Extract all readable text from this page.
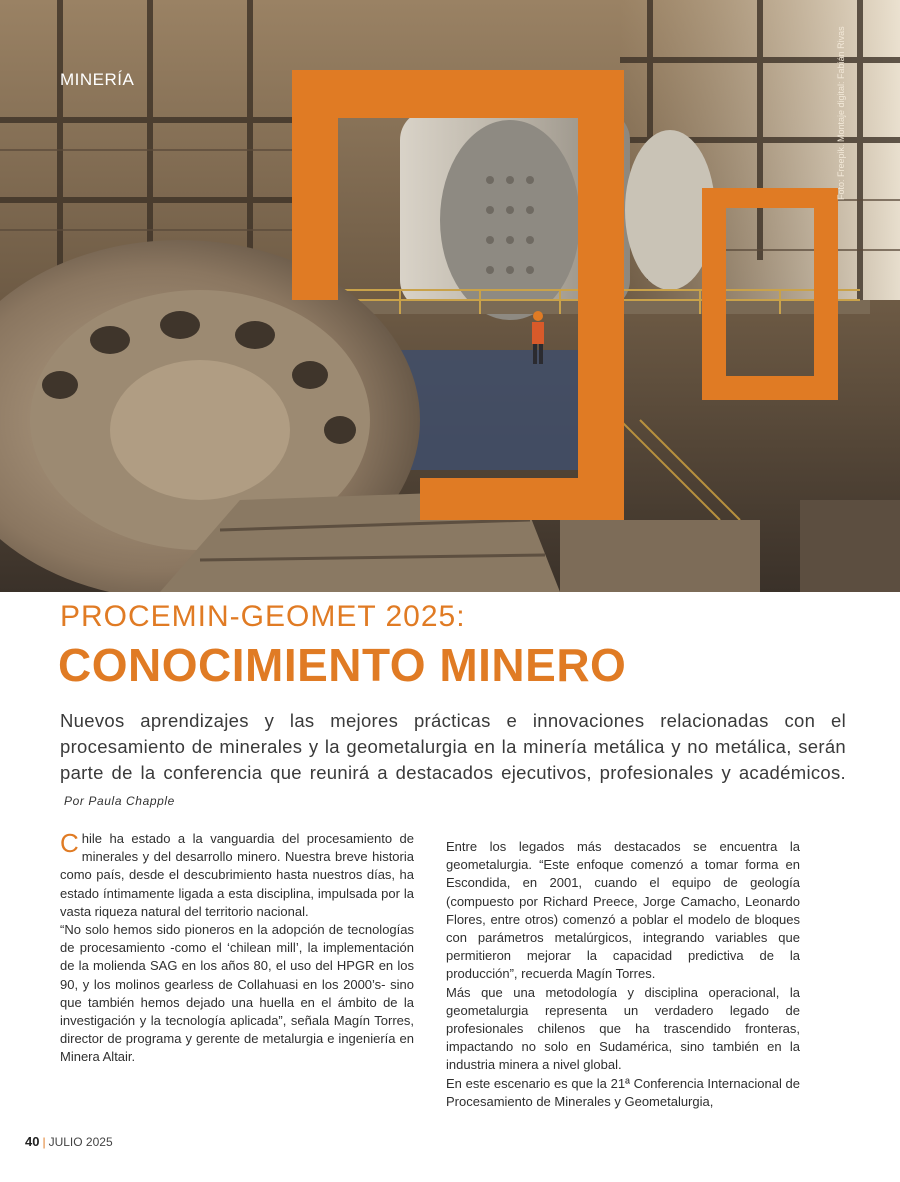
MINERÍA	Foto: Freepik. Montaje digital: Fabián Rivas
PROCEMIN-GEOMET 2025:
CONOCIMIENTO MINERO
Nuevos aprendizajes y las mejores prácticas e innovaciones relacionadas con el procesamiento de minerales y la geometalurgia en la minería metálica y no metálica, serán parte de la conferencia que reunirá a destacados ejecutivos, profesionales y académicos. Por Paula Chapple

Chile ha estado a la vanguardia del procesamiento de minerales y del desarrollo minero. Nuestra breve historia como país, desde el descubrimiento hasta nuestros días, ha estado íntimamente ligada a esta disciplina, impulsada por la vasta riqueza natural del territorio nacional.

“No solo hemos sido pioneros en la adopción de tecnologías de procesamiento -como el ‘chilean mill’, la implementación de la molienda SAG en los años 80, el uso del HPGR en los 90, y los molinos gearless de Collahuasi en los 2000’s- sino que también hemos dejado una huella en el ámbito de la investigación y la tecnología aplicada”, señala Magín Torres, director de programa y gerente de metalurgia e ingeniería en Minera Altair.

Entre los legados más destacados se encuentra la geometalurgia. “Este enfoque comenzó a tomar forma en Escondida, en 2001, cuando el equipo de geología (compuesto por Richard Preece, Jorge Camacho, Leonardo Flores, entre otros) comenzó a poblar el modelo de bloques con parámetros metalúrgicos, integrando variables que permitieron mejorar la capacidad predictiva de la producción”, recuerda Magín Torres.

Más que una metodología y disciplina operacional, la geometalurgia representa un verdadero legado de profesionales chilenos que ha trascendido fronteras, impactando no solo en Sudamérica, sino también en la industria minera a nivel global.

En este escenario es que la 21ª Conferencia Internacional de Procesamiento de Minerales y Geometalurgia,

40 | JULIO 2025
